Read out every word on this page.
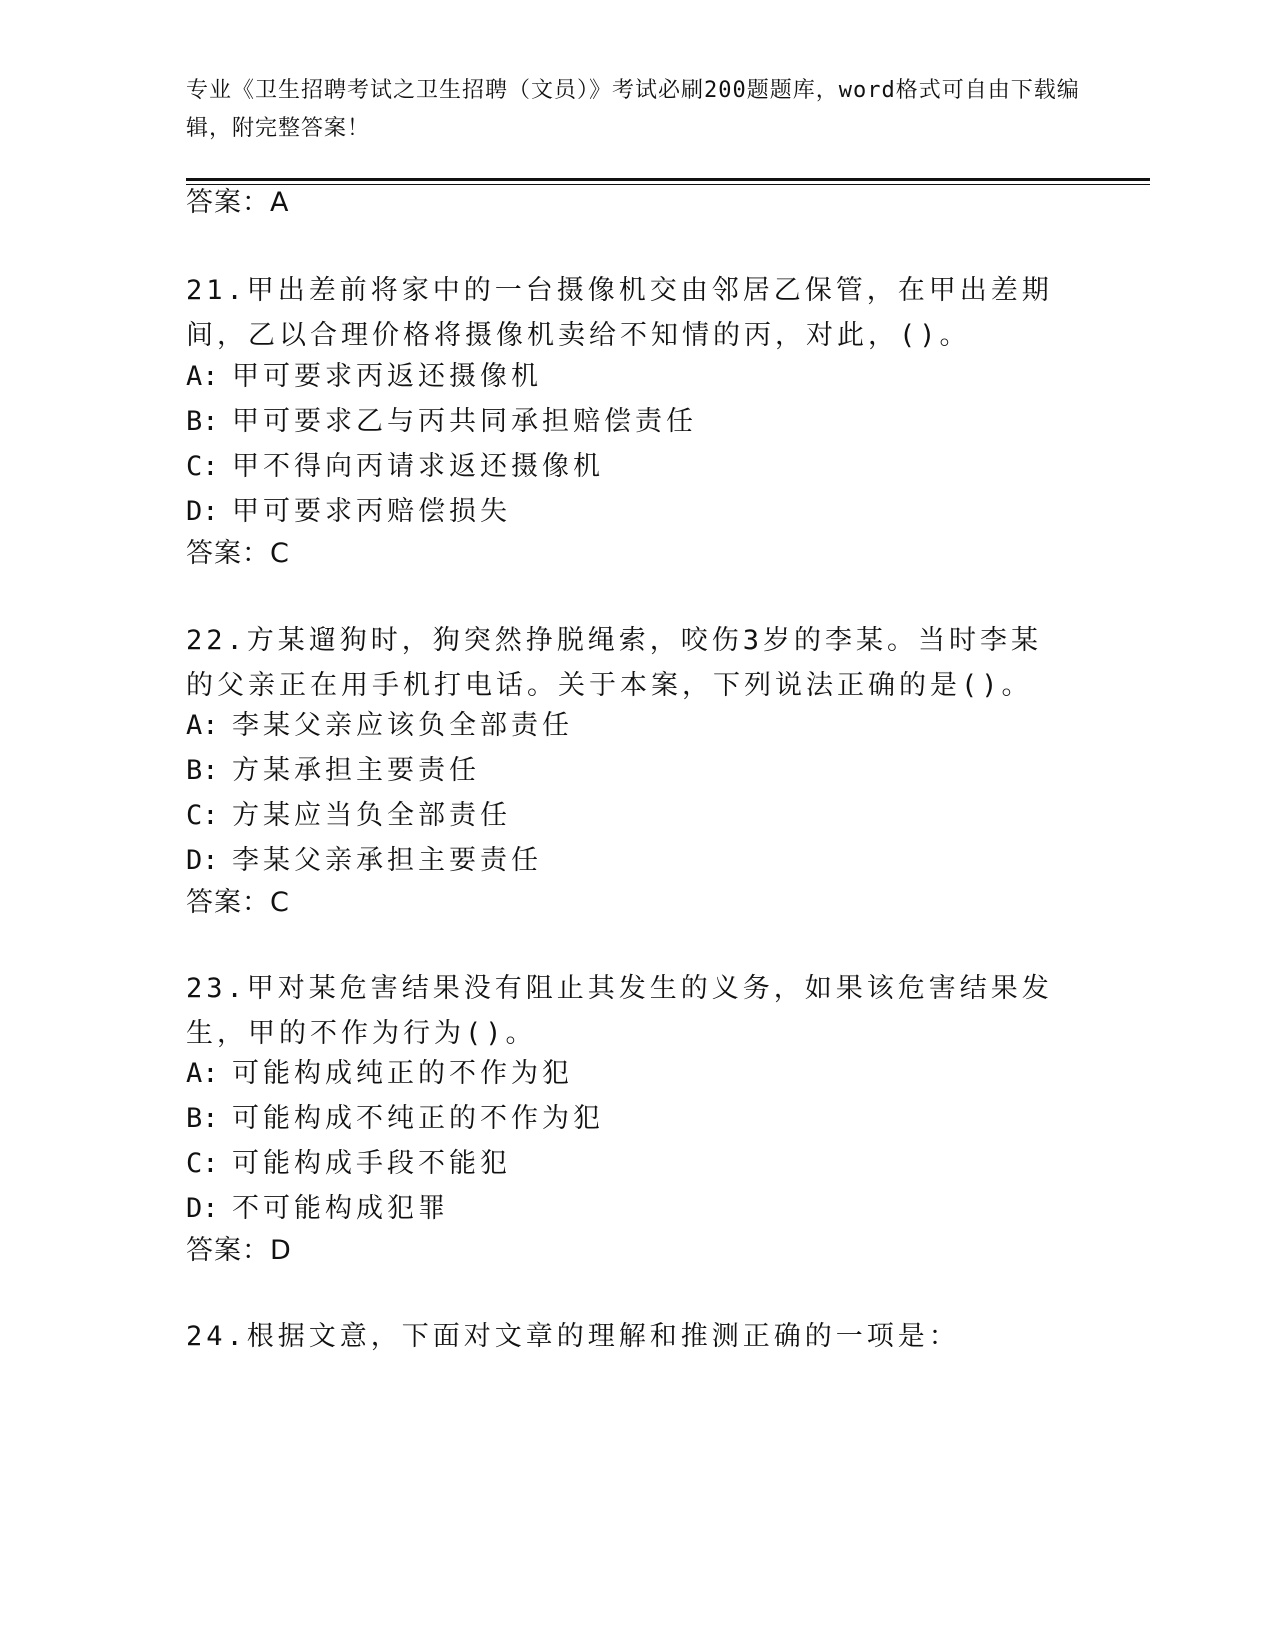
专业《卫生招聘考试之卫生招聘（文员）》考试必刷200题题库，word格式可自由下载编辑，附完整答案！
答案：A
21.甲出差前将家中的一台摄像机交由邻居乙保管，在甲出差期间，乙以合理价格将摄像机卖给不知情的丙，对此，()。
A: 甲可要求丙返还摄像机
B: 甲可要求乙与丙共同承担赔偿责任
C: 甲不得向丙请求返还摄像机
D: 甲可要求丙赔偿损失
答案：C
22.方某遛狗时，狗突然挣脱绳索，咬伤3岁的李某。当时李某的父亲正在用手机打电话。关于本案，下列说法正确的是()。
A: 李某父亲应该负全部责任
B: 方某承担主要责任
C: 方某应当负全部责任
D: 李某父亲承担主要责任
答案：C
23.甲对某危害结果没有阻止其发生的义务，如果该危害结果发生，甲的不作为行为()。
A: 可能构成纯正的不作为犯
B: 可能构成不纯正的不作为犯
C: 可能构成手段不能犯
D: 不可能构成犯罪
答案：D
24.根据文意，下面对文章的理解和推测正确的一项是：
